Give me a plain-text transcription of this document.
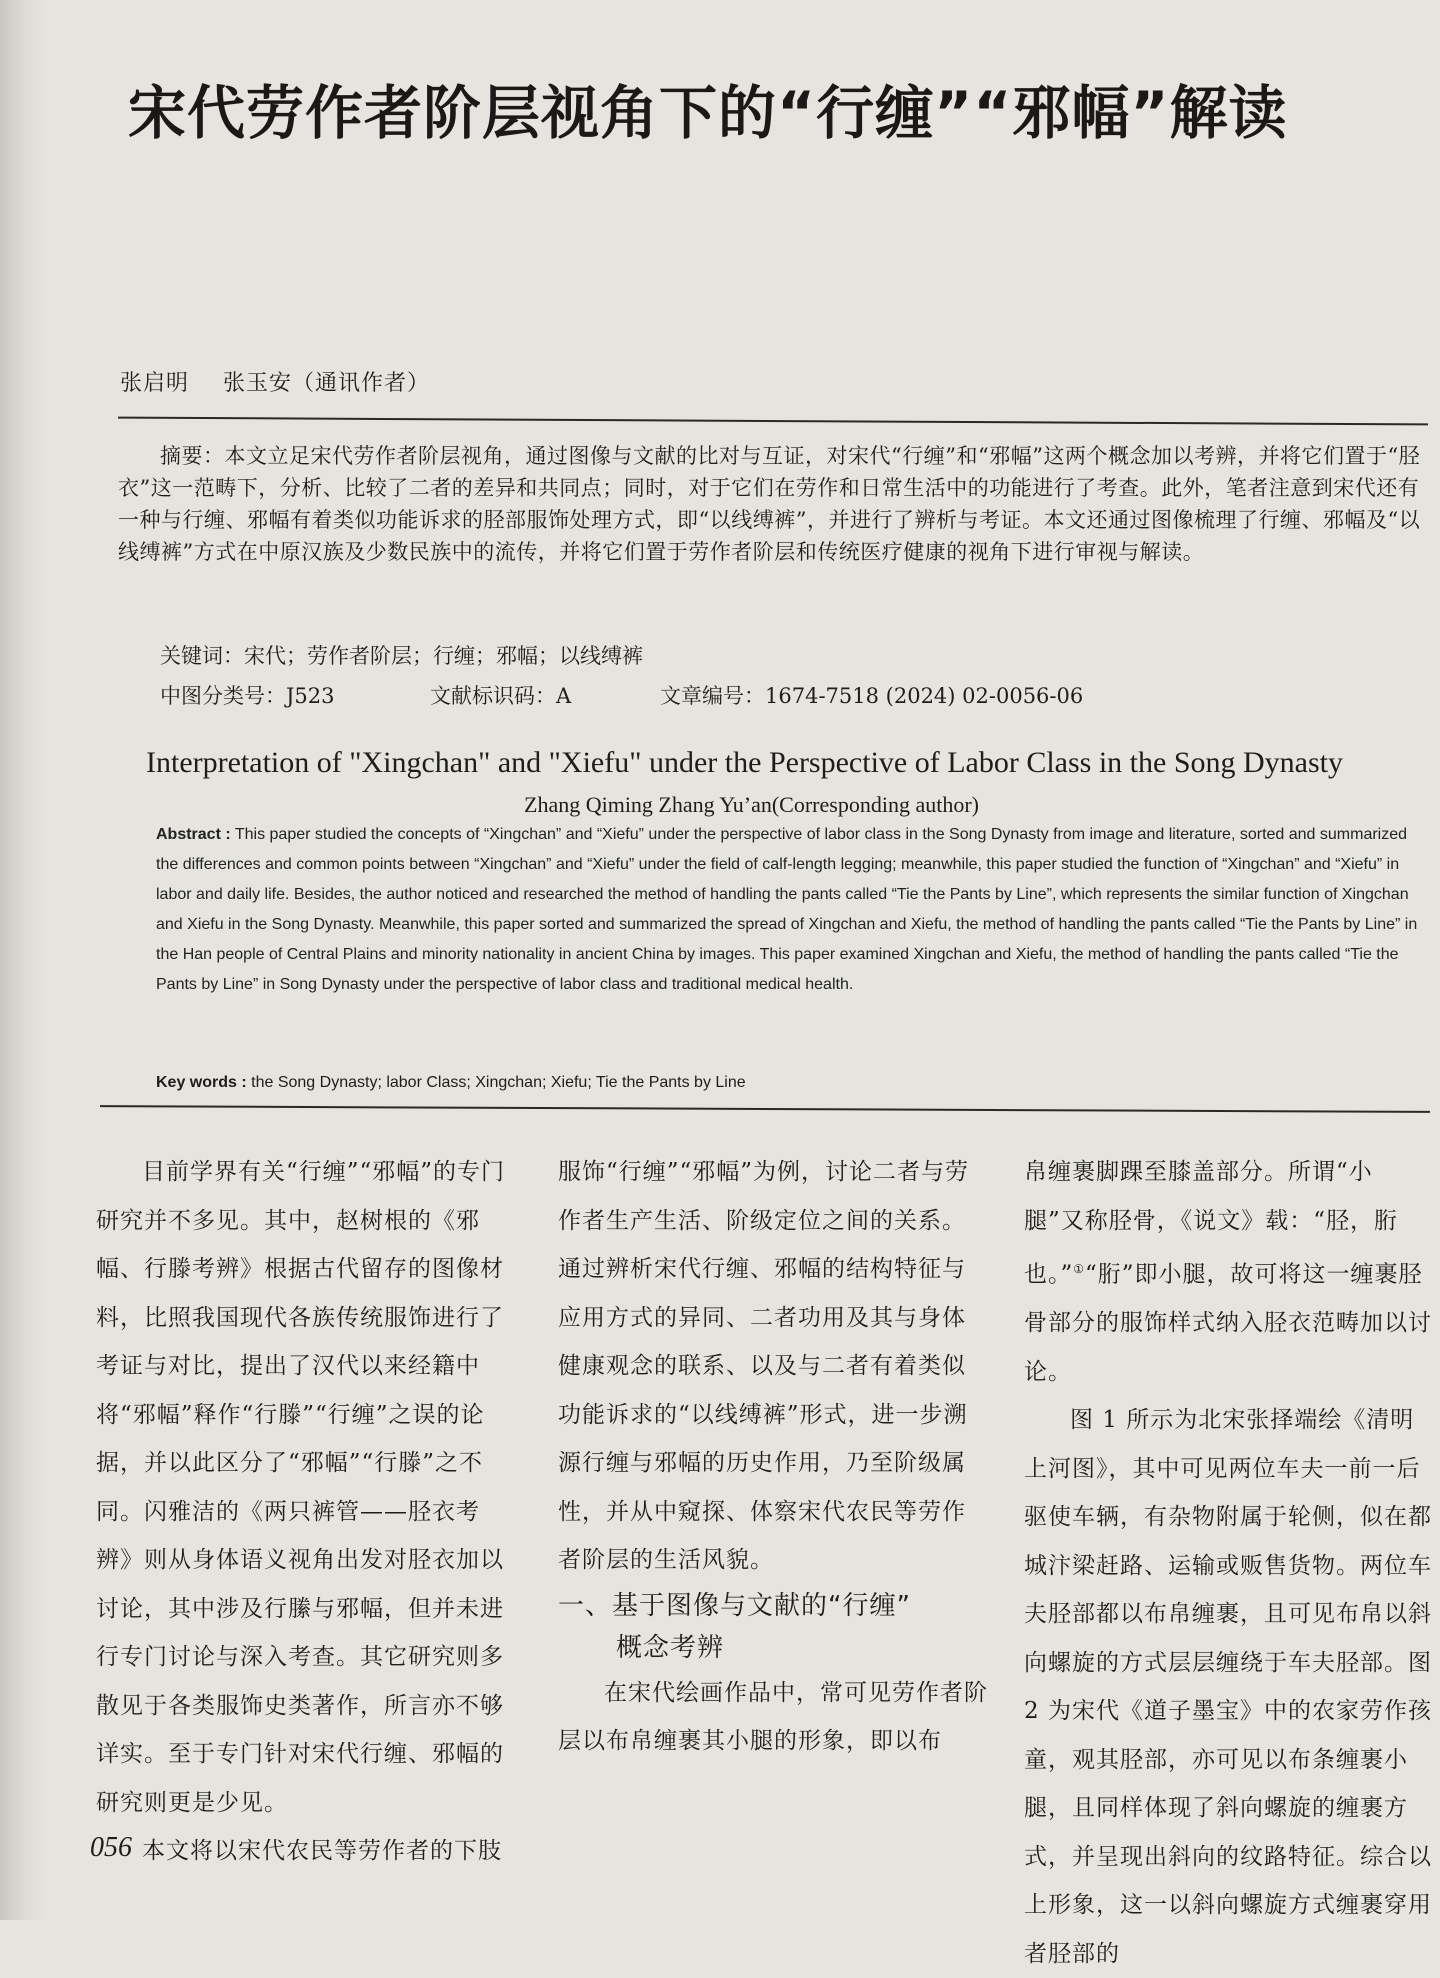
宋代劳作者阶层视角下的“行缠”“邪幅”解读
张启明 张玉安（通讯作者）

摘要：本文立足宋代劳作者阶层视角，通过图像与文献的比对与互证，对宋代“行缠”和“邪幅”这两个概念加以考辨，并将它们置于“胫衣”这一范畴下，分析、比较了二者的差异和共同点；同时，对于它们在劳作和日常生活中的功能进行了考查。此外，笔者注意到宋代还有一种与行缠、邪幅有着类似功能诉求的胫部服饰处理方式，即“以线缚裤”，并进行了辨析与考证。本文还通过图像梳理了行缠、邪幅及“以线缚裤”方式在中原汉族及少数民族中的流传，并将它们置于劳作者阶层和传统医疗健康的视角下进行审视与解读。

关键词：宋代；劳作者阶层；行缠；邪幅；以线缚裤
中图分类号：J523	文献标识码：A	文章编号：1674-7518 (2024) 02-0056-06
Interpretation of "Xingchan" and "Xiefu" under the Perspective of Labor Class in the Song Dynasty
Zhang Qiming Zhang Yu’an(Corresponding author)

Abstract : This paper studied the concepts of “Xingchan” and “Xiefu” under the perspective of labor class in the Song Dynasty from image and literature, sorted and summarized the differences and common points between “Xingchan” and “Xiefu” under the field of calf-length legging; meanwhile, this paper studied the function of “Xingchan” and “Xiefu” in labor and daily life. Besides, the author noticed and researched the method of handling the pants called “Tie the Pants by Line”, which represents the similar function of Xingchan and Xiefu in the Song Dynasty. Meanwhile, this paper sorted and summarized the spread of Xingchan and Xiefu, the method of handling the pants called “Tie the Pants by Line” in the Han people of Central Plains and minority nationality in ancient China by images. This paper examined Xingchan and Xiefu, the method of handling the pants called “Tie the Pants by Line” in Song Dynasty under the perspective of labor class and traditional medical health.

Key words : the Song Dynasty; labor Class; Xingchan; Xiefu; Tie the Pants by Line

目前学界有关“行缠”“邪幅”的专门研究并不多见。其中，赵树根的《邪幅、行滕考辨》根据古代留存的图像材料，比照我国现代各族传统服饰进行了考证与对比，提出了汉代以来经籍中将“邪幅”释作“行滕”“行缠”之误的论据，并以此区分了“邪幅”“行滕”之不同。闪雅洁的《两只裤管——胫衣考辨》则从身体语义视角出发对胫衣加以讨论，其中涉及行縢与邪幅，但并未进行专门讨论与深入考查。其它研究则多散见于各类服饰史类著作，所言亦不够详实。至于专门针对宋代行缠、邪幅的研究则更是少见。

本文将以宋代农民等劳作者的下肢

服饰“行缠”“邪幅”为例，讨论二者与劳作者生产生活、阶级定位之间的关系。通过辨析宋代行缠、邪幅的结构特征与应用方式的异同、二者功用及其与身体健康观念的联系、以及与二者有着类似功能诉求的“以线缚裤”形式，进一步溯源行缠与邪幅的历史作用，乃至阶级属性，并从中窥探、体察宋代农民等劳作者阶层的生活风貌。

一、基于图像与文献的“行缠”
概念考辨

在宋代绘画作品中，常可见劳作者阶层以布帛缠裹其小腿的形象，即以布

帛缠裹脚踝至膝盖部分。所谓“小腿”又称胫骨，《说文》载：“胫，胻也。”①“胻”即小腿，故可将这一缠裹胫骨部分的服饰样式纳入胫衣范畴加以讨论。

图 1 所示为北宋张择端绘《清明上河图》，其中可见两位车夫一前一后驱使车辆，有杂物附属于轮侧，似在都城汴梁赶路、运输或贩售货物。两位车夫胫部都以布帛缠裹，且可见布帛以斜向螺旋的方式层层缠绕于车夫胫部。图 2 为宋代《道子墨宝》中的农家劳作孩童，观其胫部，亦可见以布条缠裹小腿，且同样体现了斜向螺旋的缠裹方式，并呈现出斜向的纹路特征。综合以上形象，这一以斜向螺旋方式缠裹穿用者胫部的

056
